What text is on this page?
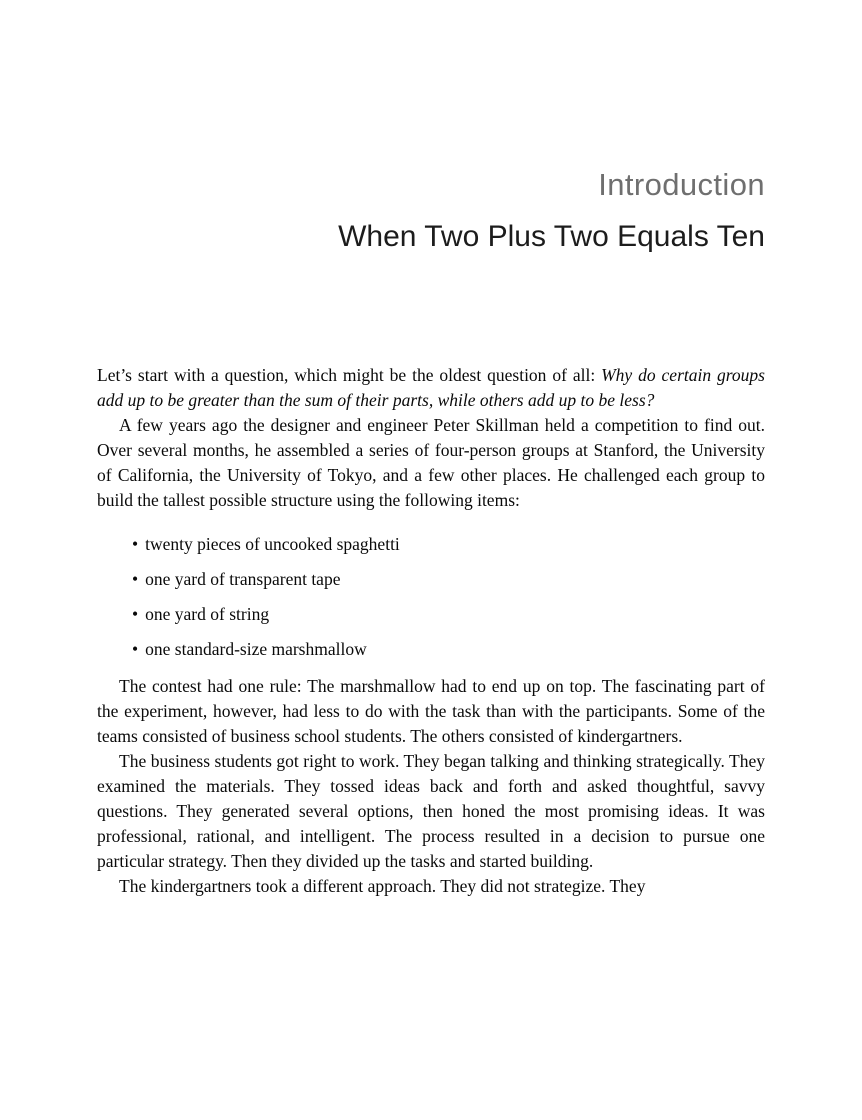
Introduction
When Two Plus Two Equals Ten

Let’s start with a question, which might be the oldest question of all: Why do certain groups add up to be greater than the sum of their parts, while others add up to be less?

A few years ago the designer and engineer Peter Skillman held a competition to find out. Over several months, he assembled a series of four-person groups at Stanford, the University of California, the University of Tokyo, and a few other places. He challenged each group to build the tallest possible structure using the following items:

• twenty pieces of uncooked spaghetti
• one yard of transparent tape
• one yard of string
• one standard-size marshmallow

The contest had one rule: The marshmallow had to end up on top. The fascinating part of the experiment, however, had less to do with the task than with the participants. Some of the teams consisted of business school students. The others consisted of kindergartners.

The business students got right to work. They began talking and thinking strategically. They examined the materials. They tossed ideas back and forth and asked thoughtful, savvy questions. They generated several options, then honed the most promising ideas. It was professional, rational, and intelligent. The process resulted in a decision to pursue one particular strategy. Then they divided up the tasks and started building.

The kindergartners took a different approach. They did not strategize. They
